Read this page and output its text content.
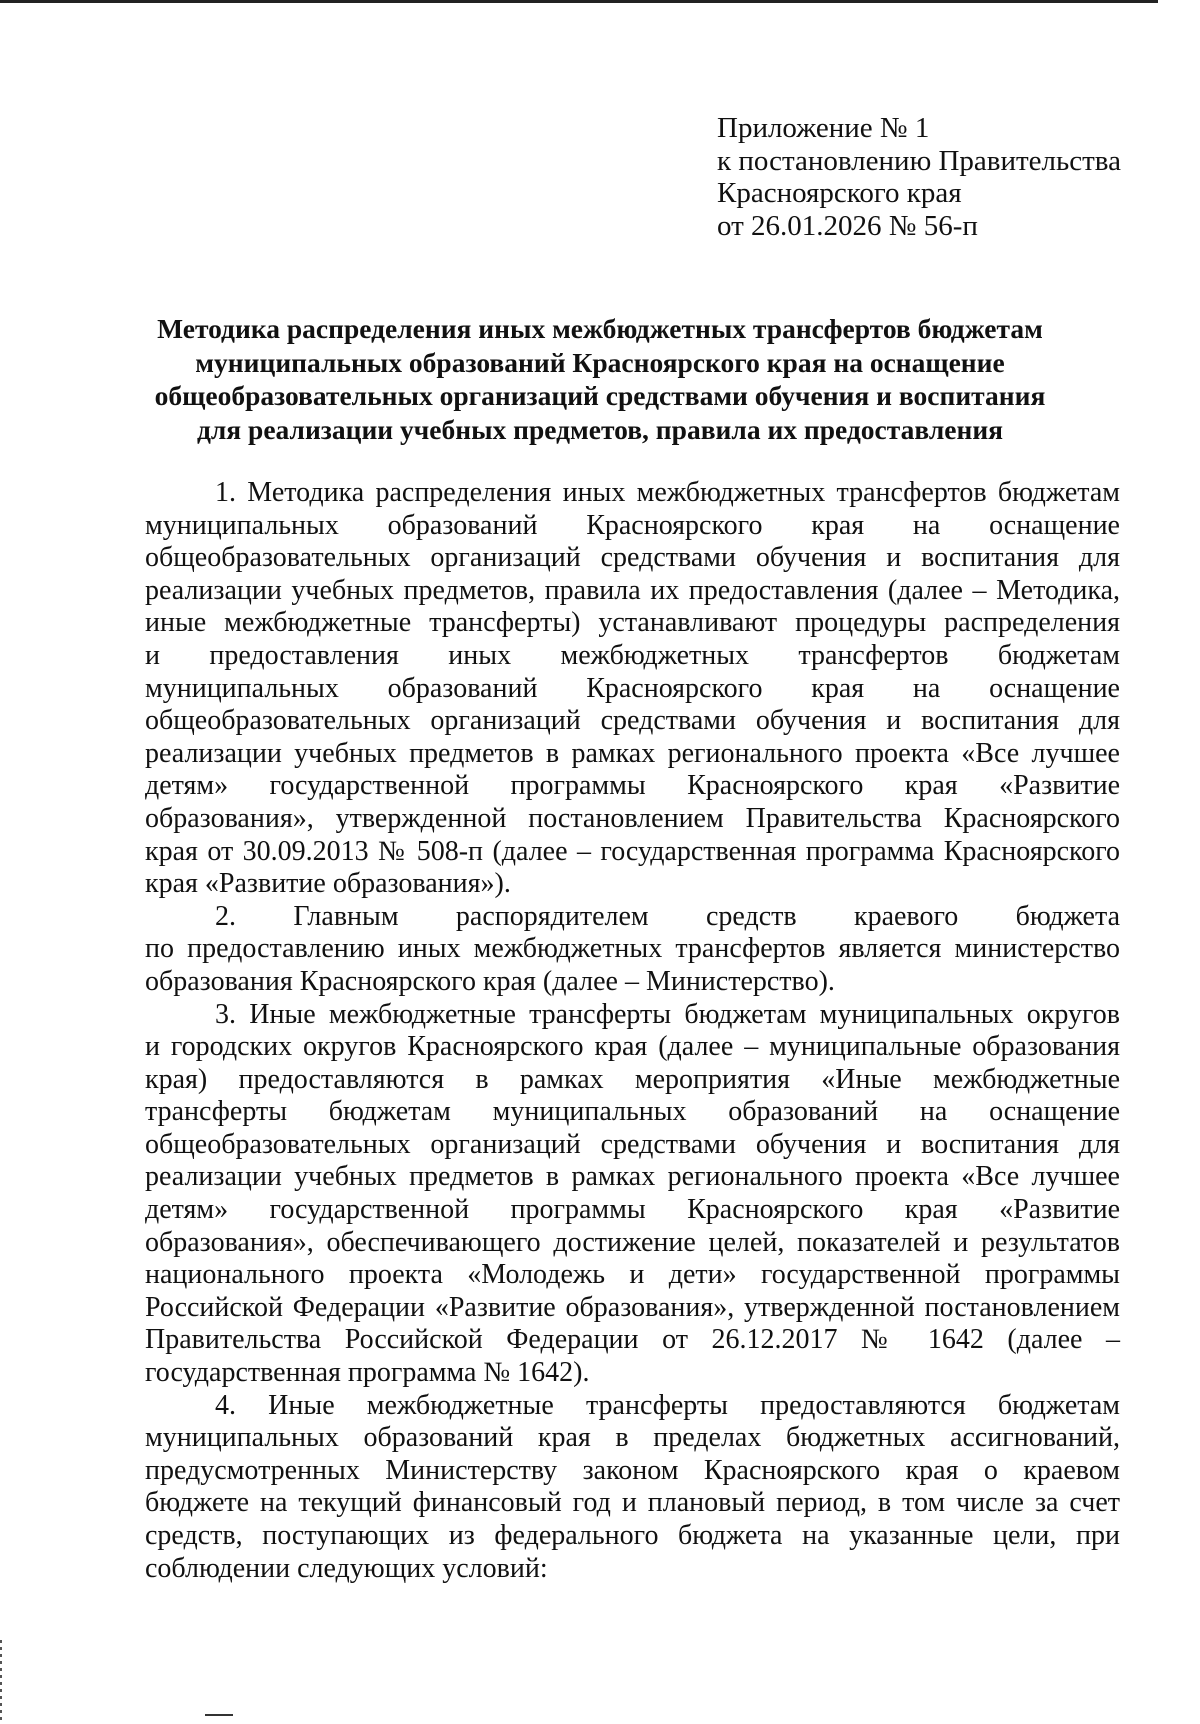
Приложение № 1
к постановлению Правительства
Красноярского края
от 26.01.2026 № 56-п
Методика распределения иных межбюджетных трансфертов бюджетам
муниципальных образований Красноярского края на оснащение
общеобразовательных организаций средствами обучения и воспитания
для реализации учебных предметов, правила их предоставления
1. Методика распределения иных межбюджетных трансфертов бюджетам
муниципальных образований Красноярского края на оснащение
общеобразовательных организаций средствами обучения и воспитания для
реализации учебных предметов, правила их предоставления (далее – Методика,
иные межбюджетные трансферты) устанавливают процедуры распределения
и предоставления иных межбюджетных трансфертов бюджетам
муниципальных образований Красноярского края на оснащение
общеобразовательных организаций средствами обучения и воспитания для
реализации учебных предметов в рамках регионального проекта «Все лучшее
детям» государственной программы Красноярского края «Развитие
образования», утвержденной постановлением Правительства Красноярского
края от 30.09.2013 № 508-п (далее – государственная программа Красноярского
края «Развитие образования»).
2. Главным распорядителем средств краевого бюджета
по предоставлению иных межбюджетных трансфертов является министерство
образования Красноярского края (далее – Министерство).
3. Иные межбюджетные трансферты бюджетам муниципальных округов
и городских округов Красноярского края (далее – муниципальные образования
края) предоставляются в рамках мероприятия «Иные межбюджетные
трансферты бюджетам муниципальных образований на оснащение
общеобразовательных организаций средствами обучения и воспитания для
реализации учебных предметов в рамках регионального проекта «Все лучшее
детям» государственной программы Красноярского края «Развитие
образования», обеспечивающего достижение целей, показателей и результатов
национального проекта «Молодежь и дети» государственной программы
Российской Федерации «Развитие образования», утвержденной постановлением
Правительства Российской Федерации от 26.12.2017 № 1642 (далее –
государственная программа № 1642).
4. Иные межбюджетные трансферты предоставляются бюджетам
муниципальных образований края в пределах бюджетных ассигнований,
предусмотренных Министерству законом Красноярского края о краевом
бюджете на текущий финансовый год и плановый период, в том числе за счет
средств, поступающих из федерального бюджета на указанные цели, при
соблюдении следующих условий:
